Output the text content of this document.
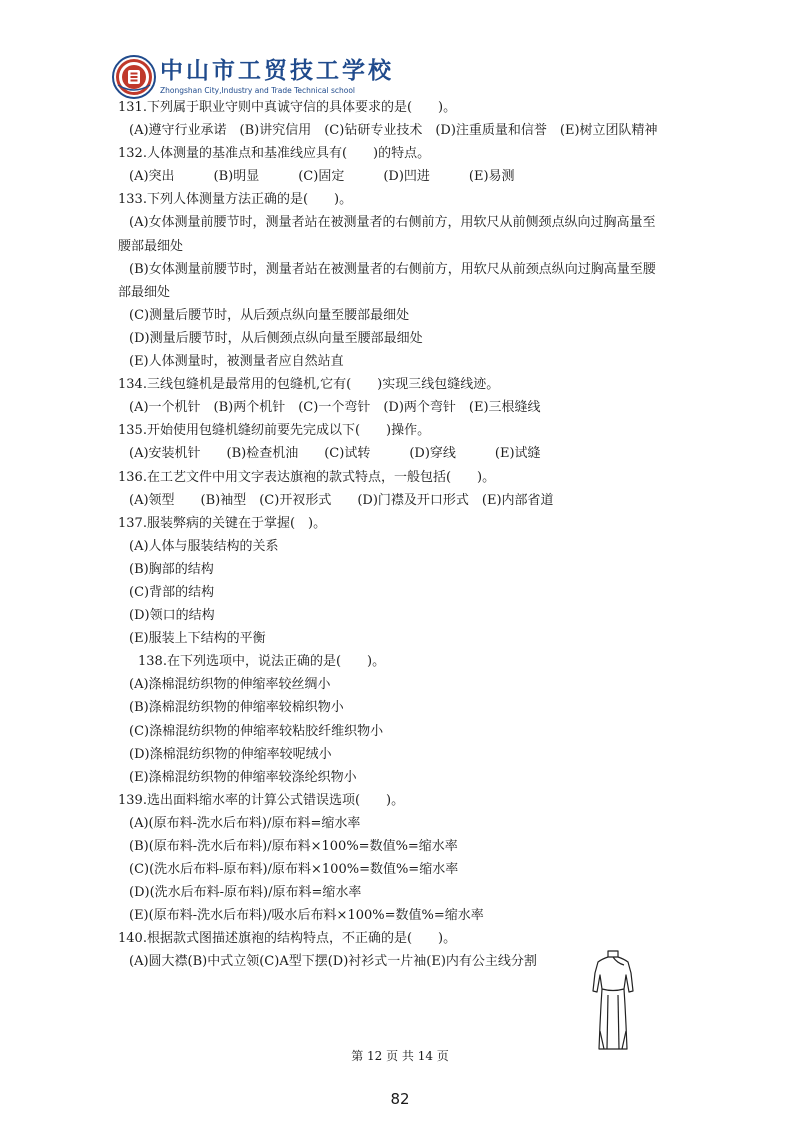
中山市工贸技工学校
Zhongshan City,Industry and Trade Technical school
131.下列属于职业守则中真诚守信的具体要求的是(　　)。
(A)遵守行业承诺　(B)讲究信用　(C)钻研专业技术　(D)注重质量和信誉　(E)树立团队精神
132.人体测量的基准点和基准线应具有(　　)的特点。
(A)突出　　　(B)明显　　　(C)固定　　　(D)凹进　　　(E)易测
133.下列人体测量方法正确的是(　　)。
(A)女体测量前腰节时，测量者站在被测量者的右侧前方，用软尺从前侧颈点纵向过胸高量至
腰部最细处
(B)女体测量前腰节时，测量者站在被测量者的右侧前方，用软尺从前颈点纵向过胸高量至腰
部最细处
(C)测量后腰节时，从后颈点纵向量至腰部最细处
(D)测量后腰节时，从后侧颈点纵向量至腰部最细处
(E)人体测量时，被测量者应自然站直
134.三线包缝机是最常用的包缝机,它有(　　)实现三线包缝线迹。
(A)一个机针　(B)两个机针　(C)一个弯针　(D)两个弯针　(E)三根缝线
135.开始使用包缝机缝纫前要先完成以下(　　)操作。
(A)安装机针　　(B)检查机油　　(C)试转　　　(D)穿线　　　(E)试缝
136.在工艺文件中用文字表达旗袍的款式特点，一般包括(　　)。
(A)领型　　(B)袖型　(C)开衩形式　　(D)门襟及开口形式　(E)内部省道
137.服装弊病的关键在于掌握(　)。
(A)人体与服装结构的关系
(B)胸部的结构
(C)背部的结构
(D)领口的结构
(E)服装上下结构的平衡
138.在下列选项中，说法正确的是(　　)。
(A)涤棉混纺织物的伸缩率较丝绸小
(B)涤棉混纺织物的伸缩率较棉织物小
(C)涤棉混纺织物的伸缩率较粘胶纤维织物小
(D)涤棉混纺织物的伸缩率较呢绒小
(E)涤棉混纺织物的伸缩率较涤纶织物小
139.选出面料缩水率的计算公式错误选项(　　)。
(A)(原布料-洗水后布料)/原布料=缩水率
(B)(原布料-洗水后布料)/原布料×100%=数值%=缩水率
(C)(洗水后布料-原布料)/原布料×100%=数值%=缩水率
(D)(洗水后布料-原布料)/原布料=缩水率
(E)(原布料-洗水后布料)/吸水后布料×100%=数值%=缩水率
140.根据款式图描述旗袍的结构特点，不正确的是(　　)。
(A)圆大襟(B)中式立领(C)A型下摆(D)衬衫式一片袖(E)内有公主线分割
第 12 页 共 14 页
82
